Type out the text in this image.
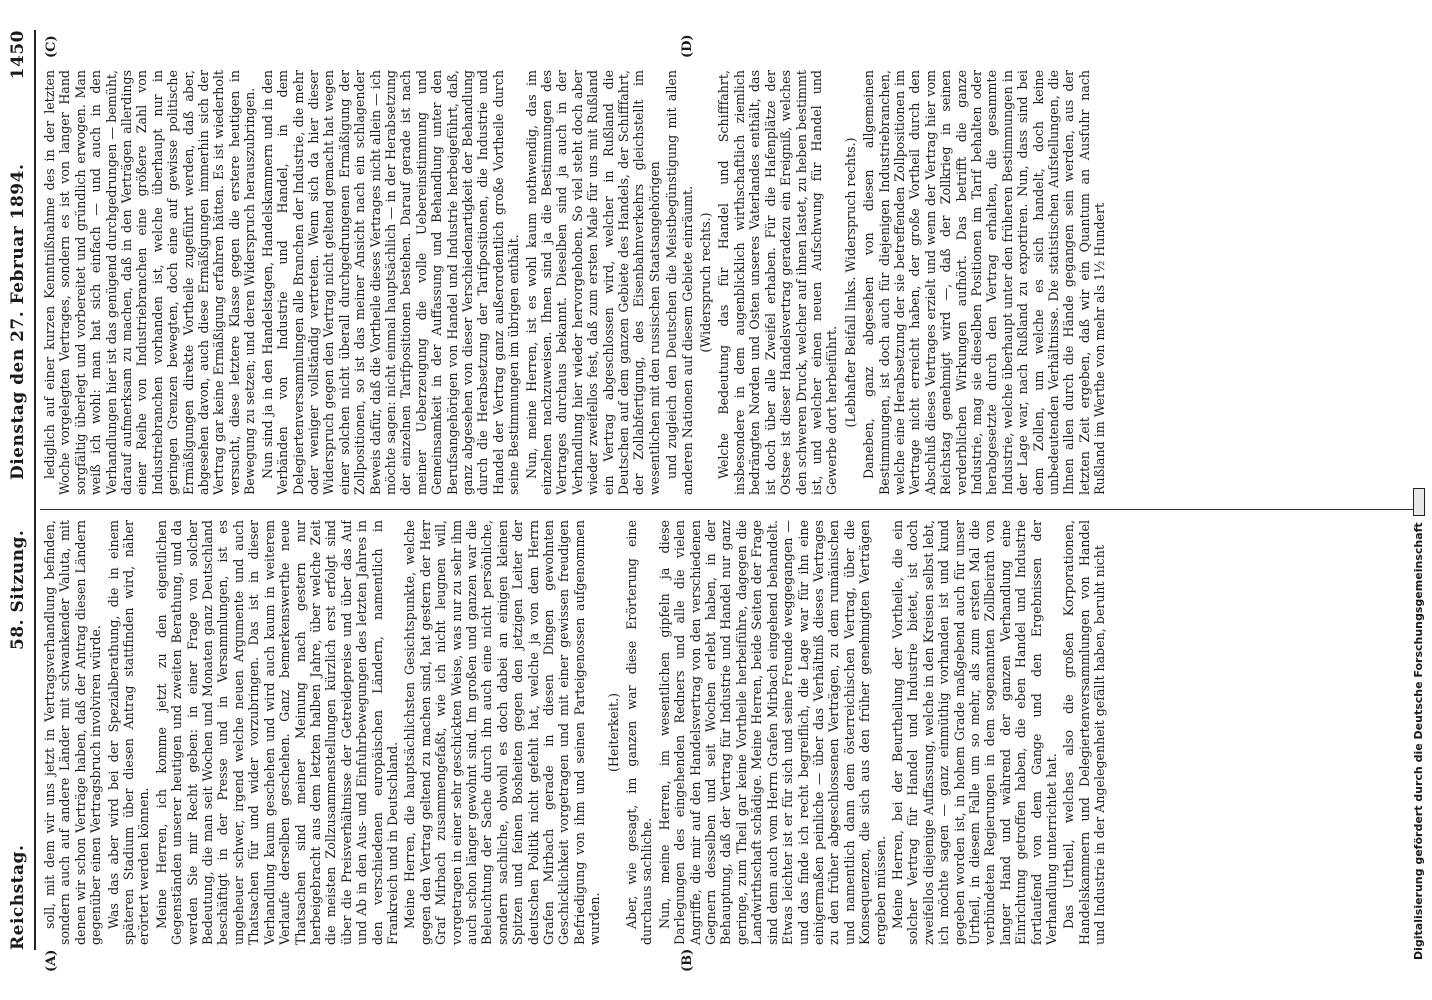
Reichstag.
58. Sitzung.
Dienstag den 27. Februar 1894.
1450
(A)	(B)
(C)	(D)

soll, mit dem wir uns jetzt in Vertragsverhandlung befinden, sondern auch auf andere Länder mit schwankender Valuta, mit denen wir schon Verträge haben, daß der Antrag diesen Ländern gegenüber einen Vertragsbruch involviren würde. Was das aber wird bei der Spezialberathung, die in einem späteren Stadium über diesen Antrag stattfinden wird, näher erörtert werden können. Meine Herren, ich komme jetzt zu den eigentlichen Gegenständen unserer heutigen und zweiten Berathung, und da werden Sie mir Recht geben: in einer Frage von solcher Bedeutung, die man seit Wochen und Monaten ganz Deutschland beschäftigt in der Presse und in Versammlungen, ist es ungeheuer schwer, irgend welche neuen Argumente und auch Thatsachen für und wider vorzubringen. Das ist in dieser Verhandlung kaum geschehen und wird auch kaum in weiterem Verlaufe derselben geschehen. Ganz bemerkenswerthe neue Thatsachen sind meiner Meinung nach gestern nur herbeigebracht aus dem letzten halben Jahre, über welche Zeit die meisten Zollzusammenstellungen kürzlich erst erfolgt sind über die Preisverhältnisse der Getreidepreise und über das Auf und Ab in den Aus- und Einfuhrbewegungen des letzten Jahres in den verschiedenen europäischen Ländern, namentlich in Frankreich und in Deutschland. Meine Herren, die hauptsächlichsten Gesichtspunkte, welche gegen den Vertrag geltend zu machen sind, hat gestern der Herr Graf Mirbach zusammengefaßt, wie ich nicht leugnen will, vorgetragen in einer sehr geschickten Weise, was nur zu sehr ihm auch schon länger gewohnt sind. Im großen und ganzen war die Beleuchtung der Sache durch ihn auch eine nicht persönliche, sondern sachliche, obwohl es doch dabei an einigen kleinen Spitzen und feinen Bosheiten gegen den jetzigen Leiter der deutschen Politik nicht gefehlt hat, welche ja von dem Herrn Grafen Mirbach gerade in diesen Dingen gewohnten Geschicklichkeit vorgetragen und mit einer gewissen freudigen Befriedigung von ihm und seinen Parteigenossen aufgenommen wurden.

(Heiterkeit.) Aber, wie gesagt, im ganzen war diese Erörterung eine durchaus sachliche. Nun, meine Herren, im wesentlichen gipfeln ja diese Darlegungen des eingehenden Redners und alle die vielen Angriffe, die mir auf den Handelsvertrag von den verschiedenen Gegnern desselben und seit Wochen erlebt haben, in der Behauptung, daß der Vertrag für Industrie und Handel nur ganz geringe, zum Theil gar keine Vortheile herbeiführe, dagegen die Landwirthschaft schädige. Meine Herren, beide Seiten der Frage sind denn auch vom Herrn Grafen Mirbach eingehend behandelt. Etwas leichter ist er für sich und seine Freunde weggegangen — und das finde ich recht begreiflich, die Lage war für ihn eine einigermaßen peinliche — über das Verhältniß dieses Vertrages zu den früher abgeschlossenen Verträgen, zu dem rumänischen und namentlich dann dem österreichischen Vertrag, über die Konsequenzen, die sich aus den früher genehmigten Verträgen ergeben müssen. Meine Herren, bei der Beurtheilung der Vortheile, die ein solcher Vertrag für Handel und Industrie bietet, ist doch zweifellos diejenige Auffassung, welche in den Kreisen selbst lebt, ich möchte sagen — ganz einmüthig vorhanden ist und kund gegeben worden ist, in hohem Grade maßgebend auch für unser Urtheil, in diesem Falle um so mehr, als zum ersten Mal die verbündeten Regierungen in dem sogenannten Zollbeirath von langer Hand und während der ganzen Verhandlung eine Einrichtung getroffen haben, die eben Handel und Industrie fortlaufend von dem Gange und den Ergebnissen der Verhandlung unterrichtet hat. Das Urtheil, welches also die großen Korporationen, Handelskammern und Delegiertenversammlungen von Handel und Industrie in der Angelegenheit gefällt haben, beruht nicht

lediglich auf einer kurzen Kenntnißnahme des in der letzten Woche vorgelegten Vertrages, sondern es ist von langer Hand sorgfältig überlegt und vorbereitet und gründlich erwogen. Man weiß ich wohl: man hat sich einfach — und auch in den Verhandlungen hier ist das genügend durchgedrungen — bemüht, darauf aufmerksam zu machen, daß in den Verträgen allerdings einer Reihe von Industriebranchen eine größere Zahl von Industriebranchen vorhanden ist, welche überhaupt nur in geringen Grenzen bewegten, doch eine auf gewisse politische Ermäßigungen direkte Vortheile zugeführt werden, daß aber, abgesehen davon, auch diese Ermäßigungen immerhin sich der Vertrag gar keine Ermäßigung erfahren hätten. Es ist wiederholt versucht, diese letztere Klasse gegen die erstere heutigen in Bewegung zu setzen; und deren Widerspruch herauszubringen. Nun sind ja in den Handelstagen, Handelskammern und in den Verbänden von Industrie und Handel, in dem Delegiertenversammlungen alle Branchen der Industrie, die mehr oder weniger vollständig vertreten. Wenn sich da hier dieser Widerspruch gegen den Vertrag nicht geltend gemacht hat wegen einer solchen nicht überall durchgedrungenen Ermäßigung der Zollpositionen, so ist das meiner Ansicht nach ein schlagender Beweis dafür, daß die Vortheile dieses Vertrages nicht allein — ich möchte sagen: nicht einmal hauptsächlich — in der Herabsetzung der einzelnen Tarifpositionen bestehen. Darauf gerade ist nach meiner Ueberzeugung die volle Uebereinstimmung und Gemeinsamkeit in der Auffassung und Behandlung unter den Berufsangehörigen von Handel und Industrie herbeigeführt, daß, ganz abgesehen von dieser Verschiedenartigkeit der Behandlung durch die Herabsetzung der Tarifpositionen, die Industrie und Handel der Vertrag ganz außerordentlich große Vortheile durch seine Bestimmungen im übrigen enthält. Nun, meine Herren, ist es wohl kaum nothwendig, das im einzelnen nachzuweisen. Ihnen sind ja die Bestimmungen des Vertrages durchaus bekannt. Dieselben sind ja auch in der Verhandlung hier wieder hervorgehoben. So viel steht doch aber wieder zweifellos fest, daß zum ersten Male für uns mit Rußland ein Vertrag abgeschlossen wird, welcher in Rußland die Deutschen auf dem ganzen Gebiete des Handels, der Schifffahrt, der Zollabfertigung, des Eisenbahnverkehrs gleichstellt im wesentlichen mit den russischen Staatsangehörigen und zugleich den Deutschen die Meistbegünstigung mit allen anderen Nationen auf diesem Gebiete einräumt. (Widerspruch rechts.) Welche Bedeutung das für Handel und Schifffahrt, insbesondere in dem augenblicklich wirthschaftlich ziemlich bedrängten Norden und Osten unseres Vaterlandes enthält, das ist doch über alle Zweifel erhaben. Für die Hafenplätze der Ostsee ist dieser Handelsvertrag geradezu ein Ereigniß, welches den schweren Druck, welcher auf ihnen lastet, zu heben bestimmt ist, und welcher einen neuen Aufschwung für Handel und Gewerbe dort herbeiführt. (Lebhafter Beifall links. Widerspruch rechts.) Daneben, ganz abgesehen von diesen allgemeinen Bestimmungen, ist doch auch für diejenigen Industriebranchen, welche eine Herabsetzung der sie betreffenden Zollpositionen im Vertrage nicht erreicht haben, der große Vortheil durch den Abschluß dieses Vertrages erzielt und wenn der Vertrag hier vom Reichstag genehmigt wird —, daß der Zollkrieg in seinen verderblichen Wirkungen aufhört. Das betrifft die ganze Industrie, mag sie dieselben Positionen im Tarif behalten oder herabgesetzte durch den Vertrag erhalten, die gesammte Industrie, welche überhaupt unter den früheren Bestimmungen in der Lage war, nach Rußland zu exportiren. Nun, dass sind bei dem Zollen, um welche es sich handelt, doch keine unbedeutenden Verhältnisse. Die statistischen Aufstellungen, die Ihnen allen durch die Hände gegangen sein werden, aus der letzten Zeit ergeben, daß wir ein Quantum an Ausfuhr nach Rußland im Werthe von mehr als 1½ Hundert

Digitalisierung gefördert durch die Deutsche Forschungsgemeinschaft
